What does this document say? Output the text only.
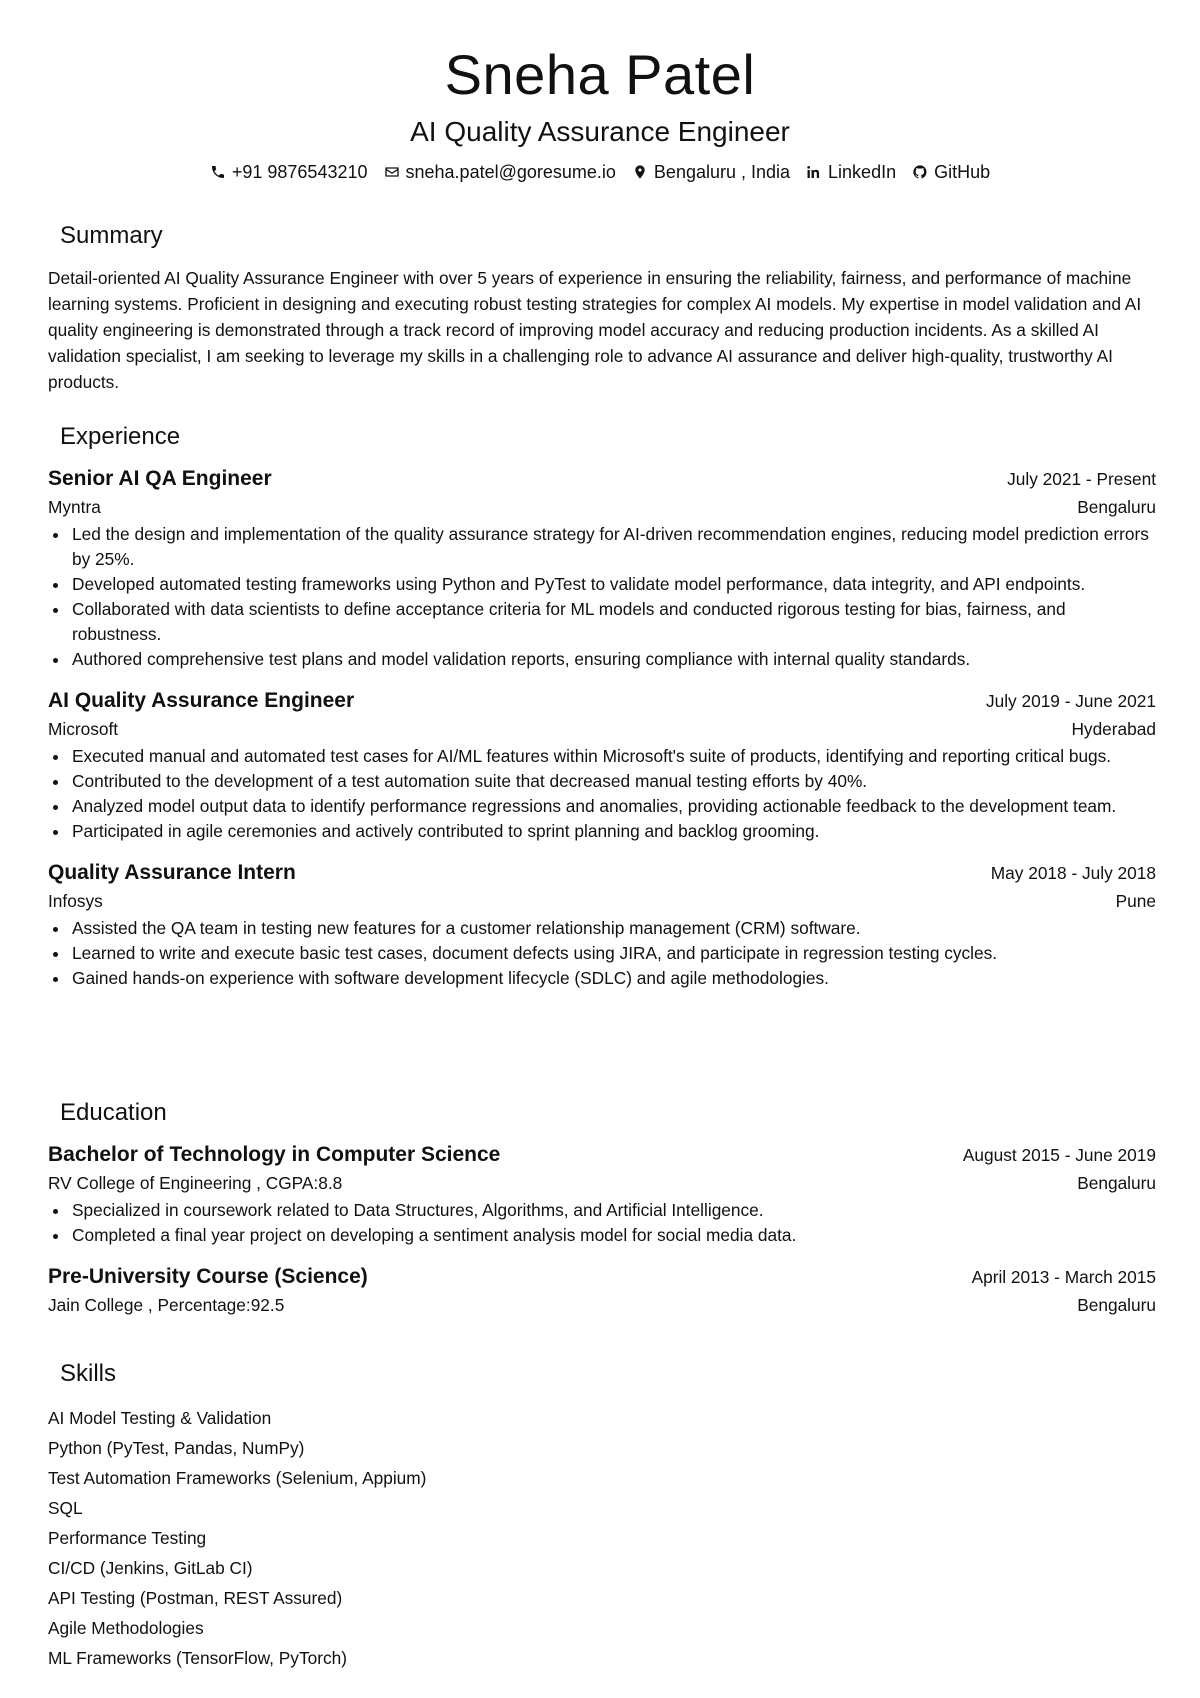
Sneha Patel
AI Quality Assurance Engineer
+91 9876543210 sneha.patel@goresume.io Bengaluru , India LinkedIn GitHub
Summary
Detail-oriented AI Quality Assurance Engineer with over 5 years of experience in ensuring the reliability, fairness, and performance of machine learning systems. Proficient in designing and executing robust testing strategies for complex AI models. My expertise in model validation and AI quality engineering is demonstrated through a track record of improving model accuracy and reducing production incidents. As a skilled AI validation specialist, I am seeking to leverage my skills in a challenging role to advance AI assurance and deliver high-quality, trustworthy AI products.
Experience
Senior AI QA Engineer	July 2021 - Present
Myntra	Bengaluru
Led the design and implementation of the quality assurance strategy for AI-driven recommendation engines, reducing model prediction errors by 25%.
Developed automated testing frameworks using Python and PyTest to validate model performance, data integrity, and API endpoints.
Collaborated with data scientists to define acceptance criteria for ML models and conducted rigorous testing for bias, fairness, and robustness.
Authored comprehensive test plans and model validation reports, ensuring compliance with internal quality standards.
AI Quality Assurance Engineer	July 2019 - June 2021
Microsoft	Hyderabad
Executed manual and automated test cases for AI/ML features within Microsoft's suite of products, identifying and reporting critical bugs.
Contributed to the development of a test automation suite that decreased manual testing efforts by 40%.
Analyzed model output data to identify performance regressions and anomalies, providing actionable feedback to the development team.
Participated in agile ceremonies and actively contributed to sprint planning and backlog grooming.
Quality Assurance Intern	May 2018 - July 2018
Infosys	Pune
Assisted the QA team in testing new features for a customer relationship management (CRM) software.
Learned to write and execute basic test cases, document defects using JIRA, and participate in regression testing cycles.
Gained hands-on experience with software development lifecycle (SDLC) and agile methodologies.
Education
Bachelor of Technology in Computer Science	August 2015 - June 2019
RV College of Engineering , CGPA:8.8	Bengaluru
Specialized in coursework related to Data Structures, Algorithms, and Artificial Intelligence.
Completed a final year project on developing a sentiment analysis model for social media data.
Pre-University Course (Science)	April 2013 - March 2015
Jain College , Percentage:92.5	Bengaluru
Skills
AI Model Testing & Validation
Python (PyTest, Pandas, NumPy)
Test Automation Frameworks (Selenium, Appium)
SQL
Performance Testing
CI/CD (Jenkins, GitLab CI)
API Testing (Postman, REST Assured)
Agile Methodologies
ML Frameworks (TensorFlow, PyTorch)
